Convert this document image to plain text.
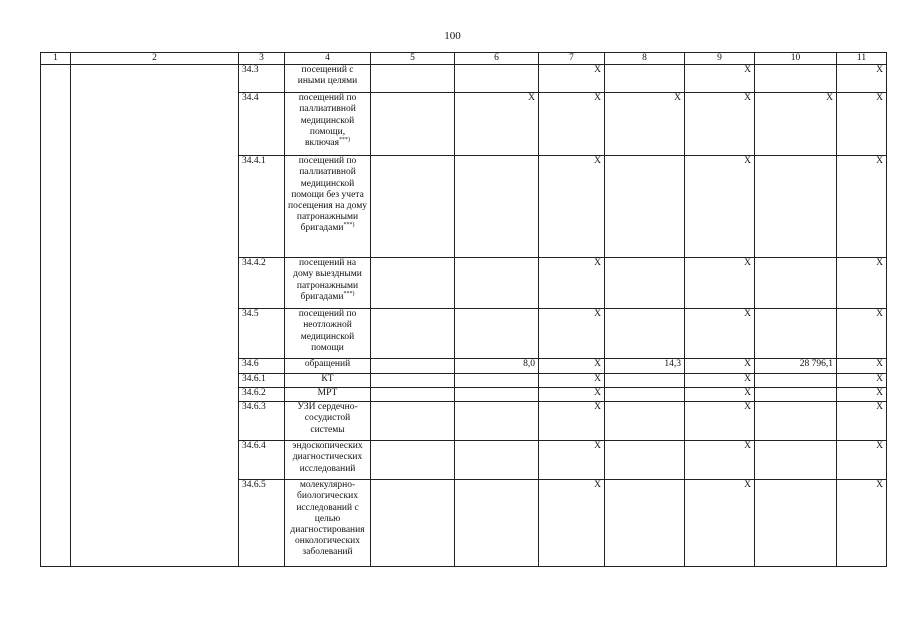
100
1	2	3	4	5	6	7	8	9	10	11
		34.3	посещений с иными целями			X		X		X
		34.4	посещений по паллиативной медицинской помощи, включая***)		X	X	X	X	X	X
		34.4.1	посещений по паллиативной медицинской помощи без учета посещения на дому патронажными бригадами***)			X		X		X
		34.4.2	посещений на дому выездными патронажными бригадами***)			X		X		X
		34.5	посещений по неотложной медицинской помощи			X		X		X
		34.6	обращений		8,0	X	14,3	X	28 796,1	X
		34.6.1	КТ			X		X		X
		34.6.2	МРТ			X		X		X
		34.6.3	УЗИ сердечно-сосудистой системы			X		X		X
		34.6.4	эндоскопических диагностических исследований			X		X		X
		34.6.5	молекулярно-биологических исследований с целью диагностирования онкологических заболеваний			X		X		X
